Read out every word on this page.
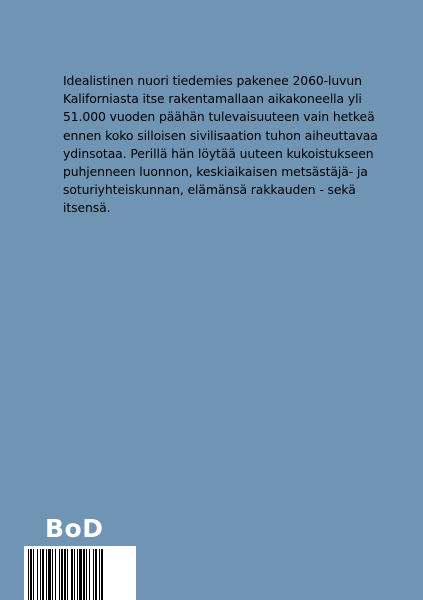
Idealistinen nuori tiedemies pakenee 2060-luvun
Kaliforniasta itse rakentamallaan aikakoneella yli
51.000 vuoden päähän tulevaisuuteen vain hetkeä
ennen koko silloisen sivilisaation tuhon aiheuttavaa
ydinsotaa. Perillä hän löytää uuteen kukoistukseen
puhjenneen luonnon, keskiaikaisen metsästäjä- ja
soturiyhteiskunnan, elämänsä rakkauden - sekä
itsensä.

BoD
